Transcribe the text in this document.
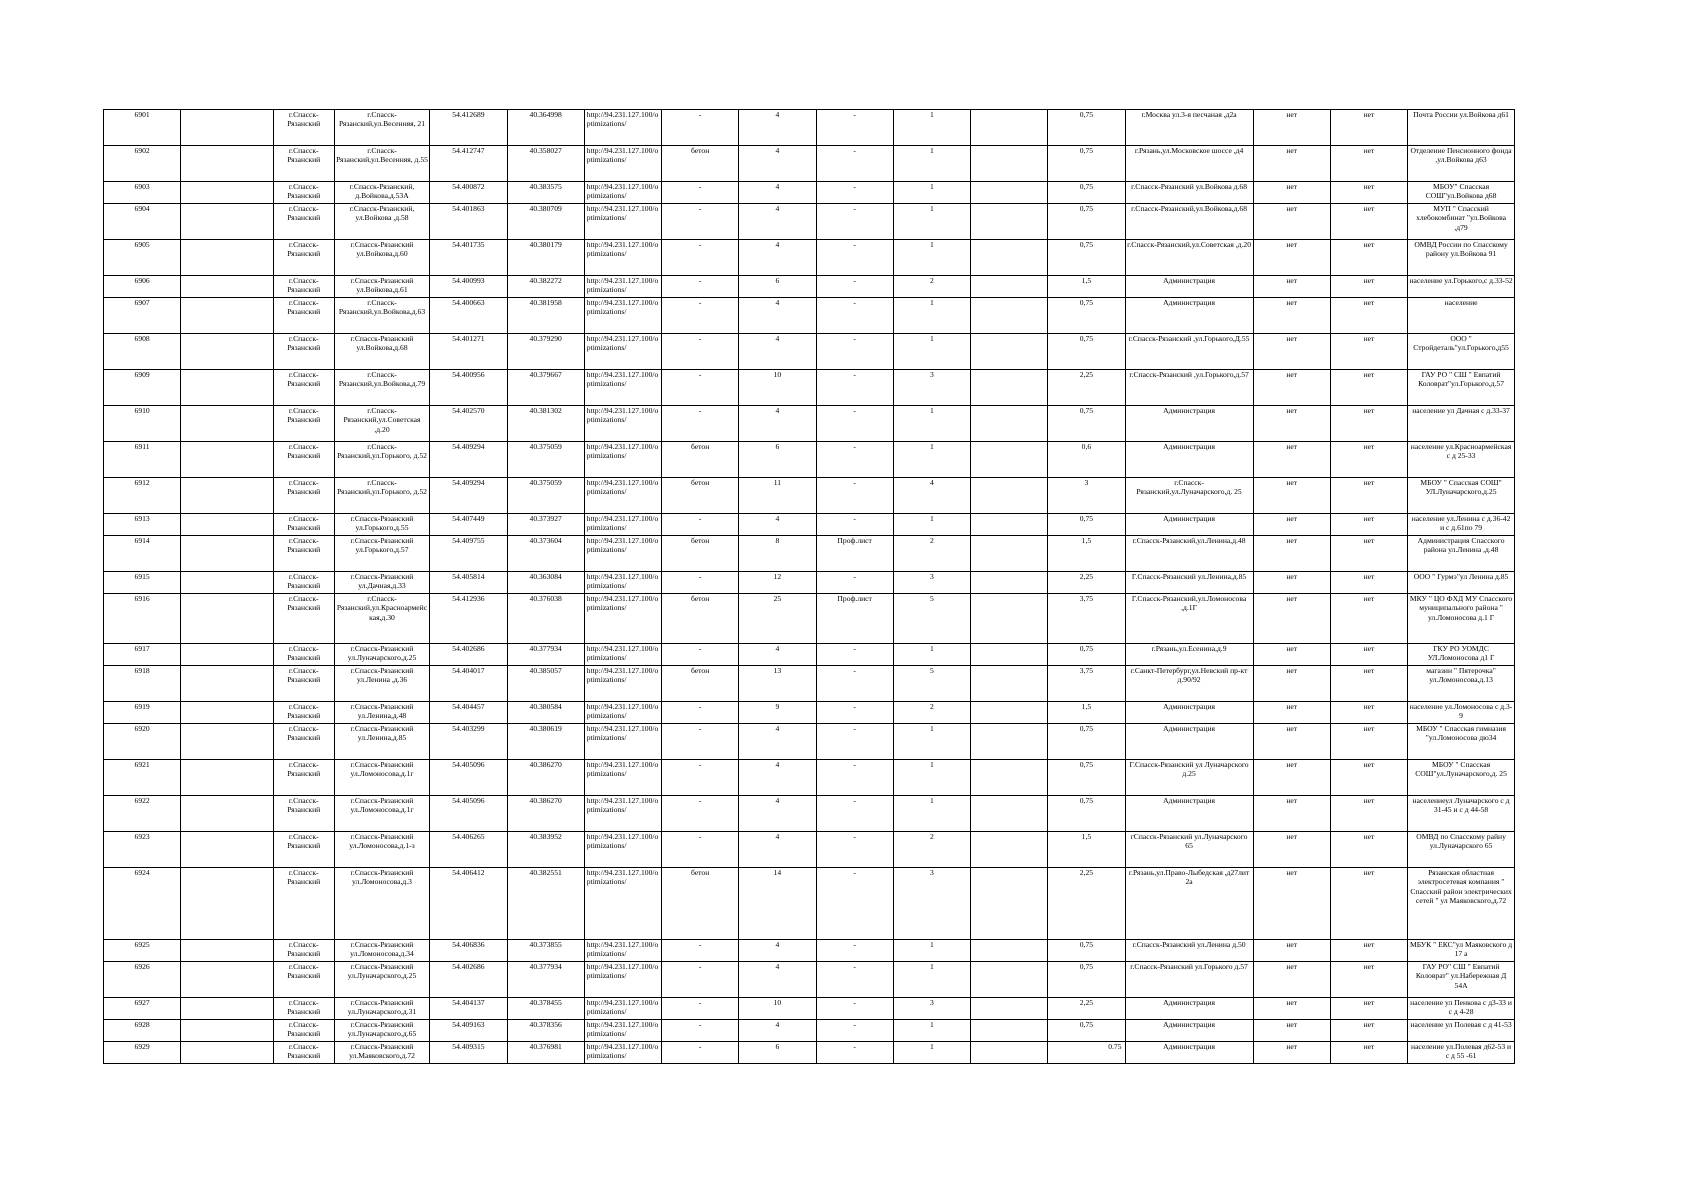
6901		г.Спасск-Рязанский	г.Спасск-Рязанский,ул.Весенняя, 21	54.412689	40.364998	http://94.231.127.100/optimizations/	-	4	-	1		0,75	г.Москва ул.3-я песчаная ,д2а	нет	нет	Почта России ул.Войкова д61
6902		г.Спасск-Рязанский	г.Спасск-Рязанский,ул.Весенняя, д.55	54.412747	40.358027	http://94.231.127.100/optimizations/	бетон	4	-	1		0,75	г.Рязань,ул.Московское шоссе ,д4	нет	нет	Отделение Пенсионного фонда ,ул.Войкова д63
6903		г.Спасск-Рязанский	г.Спасск-Рязанский, д.Войкова,д.53А	54.400872	40.383575	http://94.231.127.100/optimizations/	-	4	-	1		0,75	г.Спасск-Рязанский ул.Войкова д.68	нет	нет	МБОУ" Спасская СОШ"ул.Войкова д68
6904		г.Спасск-Рязанский	г.Спасск-Рязанский, ул.Войкова ,д.58	54.401863	40.380709	http://94.231.127.100/optimizations/	-	4	-	1		0,75	г.Спасск-Рязанский,ул.Войкова,д.68	нет	нет	МУП " Спасский хлебокомбинат "ул.Войкова ,д79
6905		г.Спасск-Рязанский	г.Спасск-Рязанский ул.Войкова,д.60	54.401735	40.380179	http://94.231.127.100/optimizations/	-	4	-	1		0,75	г.Спасск-Рязанский,ул.Советская ,д.20	нет	нет	ОМВД России по Спасскому району ул.Войкова 91
6906		г.Спасск-Рязанский	г.Спасск-Рязанский ул.Войкова,д.61	54.400993	40.382272	http://94.231.127.100/optimizations/	-	6	-	2		1,5	Администрация	нет	нет	население ул.Горького,с д.33-52
6907		г.Спасск-Рязанский	г.Спасск-Рязанский,ул.Войкова,д.63	54.400663	40.381958	http://94.231.127.100/optimizations/	-	4	-	1		0,75	Администрация	нет	нет	население
6908		г.Спасск-Рязанский	г.Спасск-Рязанский ул.Войкова,д.68	54.401271	40.379290	http://94.231.127.100/optimizations/	-	4	-	1		0,75	г.Спасск-Рязанский ,ул.Горького,Д.55	нет	нет	ООО " Стройдеталь"ул.Горького,д55
6909		г.Спасск-Рязанский	г.Спасск-Рязанский,ул.Войкова,д.79	54.400956	40.379667	http://94.231.127.100/optimizations/	-	10	-	3		2,25	г.Спасск-Рязанский ,ул.Горького,д.57	нет	нет	ГАУ РО " СШ " Евпатий Коловрат"ул.Горького,д.57
6910		г.Спасск-Рязанский	г.Спасск-Рязанский,ул.Советская ,д.20	54.402570	40.381302	http://94.231.127.100/optimizations/	-	4	-	1		0,75	Администрация	нет	нет	население ул Дачная с д.33-37
6911		г.Спасск-Рязанский	г.Спасск-Рязанский,ул.Горького, д.52	54.409294	40.375059	http://94.231.127.100/optimizations/	бетон	6	-	1		0,6	Администрация	нет	нет	население ул.Красноармейская с д 25-33
6912		г.Спасск-Рязанский	г.Спасск-Рязанский,ул.Горького, д.52	54.409294	40.375059	http://94.231.127.100/optimizations/	бетон	11	-	4		3	г.Спасск-Рязанский,ул.Луначарского,д. 25	нет	нет	МБОУ " Спасская СОШ" УЛ.Луначарского,д.25
6913		г.Спасск-Рязанский	г.Спасск-Рязанский ул.Горького,д.55	54.407449	40.373927	http://94.231.127.100/optimizations/	-	4	-	1		0,75	Администрация	нет	нет	население ул.Ленина с д.36-42 и с д.61по 79
6914		г.Спасск-Рязанский	г.Спасск-Рязанский ул.Горького,д.57	54.409755	40.373604	http://94.231.127.100/optimizations/	бетон	8	Проф.лист	2		1,5	г.Спасск-Рязанский,ул.Ленина,д.48	нет	нет	Администрация Спасского района ул.Ленина ,д.48
6915		г.Спасск-Рязанский	г.Спасск-Рязанский ул.Дачная,д.33	54.405814	40.363084	http://94.231.127.100/optimizations/	-	12	-	3		2,25	Г.Спасск-Рязанский ул.Ленина,д.85	нет	нет	ООО " Гурмэ"ул Ленина д.85
6916		г.Спасск-Рязанский	г.Спасск-Рязанский,ул.Красноармейская,д.30	54.412936	40.376038	http://94.231.127.100/optimizations/	бетон	25	Проф.лист	5		3,75	Г.Спасск-Рязанский,ул.Ломоносова ,д.1Г	нет	нет	МКУ " ЦО ФХД МУ Спасского муниципального района " ул.Ломоносова д.1 Г
6917		г.Спасск-Рязанский	г.Спасск-Рязанский ул.Луначарского,д.25	54.402686	40.377934	http://94.231.127.100/optimizations/	-	4	-	1		0,75	г.Рязань,ул.Есенина,д.9	нет	нет	ГКУ РО УОМДС УЛ.Ломоносова д1 Г
6918		г.Спасск-Рязанский	г.Спасск-Рязанский ул.Ленина ,д.36	54.404017	40.385057	http://94.231.127.100/optimizations/	бетон	13	-	5		3,75	г.Санкт-Петербург,ул.Невский пр-кт д.90/92	нет	нет	магазин " Пятерочка" ул.Ломоносова,д.13
6919		г.Спасск-Рязанский	г.Спасск-Рязанский ул.Ленина,д.48	54.404457	40.380584	http://94.231.127.100/optimizations/	-	9	-	2		1,5	Администрация	нет	нет	население ул.Ломоносова с д.3-9
6920		г.Спасск-Рязанский	г.Спасск-Рязанский ул.Ленина,д.85	54.403299	40.380619	http://94.231.127.100/optimizations/	-	4	-	1		0,75	Администрация	нет	нет	МБОУ " Спасская гимназия "ул.Ломоносова дю34
6921		г.Спасск-Рязанский	г.Спасск-Рязанский ул.Ломоносова,д.1г	54.405096	40.386270	http://94.231.127.100/optimizations/	-	4	-	1		0,75	Г.Спасск-Рязанский ул Луначарского д.25	нет	нет	МБОУ " Спасская СОШ"ул.Луначарского,д. 25
6922		г.Спасск-Рязанский	г.Спасск-Рязанский ул.Ломоносова,д.1г	54.405096	40.386270	http://94.231.127.100/optimizations/	-	4	-	1		0,75	Администрация	нет	нет	населениеул Луначарского с д 31-45 и с д 44-58
6923		г.Спасск-Рязанский	г.Спасск-Рязанский ул.Ломоносова,д.1-з	54.406265	40.383952	http://94.231.127.100/optimizations/	-	4	-	2		1,5	гСпасск-Рязанский ул.Луначарского 65	нет	нет	ОМВД по Спасскому райну ул.Луначарского 65
6924		г.Спасск-Рязанский	г.Спасск-Рязанский ул.Ломоносова,д.3	54.406412	40.382551	http://94.231.127.100/optimizations/	бетон	14	-	3		2,25	г.Рязань,ул.Право-Лыбедская ,д27лит 2а	нет	нет	Рязанская областная электросетевая компания " Спасский район электрических сетей " ул Маяковского,д.72
6925		г.Спасск-Рязанский	г.Спасск-Рязанский ул.Ломоносова,д.34	54.406836	40.373855	http://94.231.127.100/optimizations/	-	4	-	1		0,75	г.Спасск-Рязанский ул.Ленина д.50	нет	нет	МБУК " ЕКС"ул Маяковского д 17 а
6926		г.Спасск-Рязанский	г.Спасск-Рязанский ул.Луначарского,д.25	54.402686	40.377934	http://94.231.127.100/optimizations/	-	4	-	1		0,75	г.Спасск-Рязанский ул.Горького д.57	нет	нет	ГАУ РО" СШ " Евпатий Коловрат" ул.Набережная Д 54А
6927		г.Спасск-Рязанский	г.Спасск-Рязанский ул.Луначарского,д.31	54.404137	40.378455	http://94.231.127.100/optimizations/	-	10	-	3		2,25	Администрация	нет	нет	население ул Пенкова с д3-33 и с д 4-28
6928		г.Спасск-Рязанский	г.Спасск-Рязанский ул.Луначарского,д.65	54.409163	40.378356	http://94.231.127.100/optimizations/	-	4	-	1		0,75	Администрация	нет	нет	население ул Полевая с д 41-53
6929		г.Спасск-Рязанский	г.Спасск-Рязанский ул.Маяковского,д.72	54.409315	40.376981	http://94.231.127.100/optimizations/	-	6	-	1		0.75	Администрация	нет	нет	население ул.Полевая д62-53 и с д 55 -61
